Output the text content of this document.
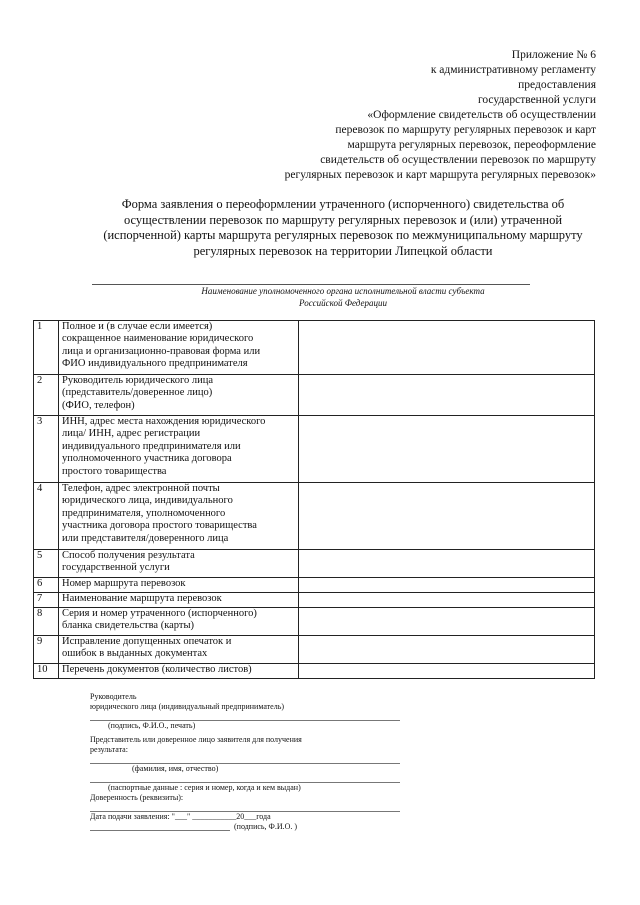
Приложение № 6
к административному регламенту
предоставления
государственной услуги
«Оформление свидетельств об осуществлении
перевозок по маршруту регулярных перевозок и карт
маршрута регулярных перевозок, переоформление
свидетельств об осуществлении перевозок по маршруту
регулярных перевозок и карт маршрута регулярных перевозок»
Форма заявления о переоформлении утраченного (испорченного) свидетельства об
осуществлении перевозок по маршруту регулярных перевозок и (или) утраченной
(испорченной) карты маршрута регулярных перевозок по межмуниципальному маршруту
регулярных перевозок на территории Липецкой области
Наименование уполномоченного органа исполнительной власти субъекта
Российской Федерации
1	Полное и (в случае если имеется)
сокращенное наименование юридического
лица и организационно-правовая форма или
ФИО индивидуального предпринимателя	

2	Руководитель юридического лица
(представитель/доверенное лицо)
(ФИО, телефон)	

3	ИНН, адрес места нахождения юридического
лица/ ИНН, адрес регистрации
индивидуального предпринимателя или
уполномоченного участника договора
простого товарищества	

4	Телефон, адрес электронной почты
юридического лица, индивидуального
предпринимателя, уполномоченного
участника договора простого товарищества
или представителя/доверенного лица	

5	Способ получения результата
государственной услуги	

6	Номер маршрута перевозок	

7	Наименование маршрута перевозок	

8	Серия и номер утраченного (испорченного)
бланка свидетельства (карты)	

9	Исправление допущенных опечаток и
ошибок в выданных документах	

10	Перечень документов (количество листов)	

Руководитель
юридического лица (индивидуальный предприниматель)
(подпись, Ф.И.О., печать)
Представитель или доверенное лицо заявителя для получения
результата:
(фамилия, имя, отчество)
(паспортные данные : серия и номер, когда и кем выдан)
Доверенность (реквизиты):
Дата подачи заявления: "___" ___________20___года
(подпись, Ф.И.О. )
